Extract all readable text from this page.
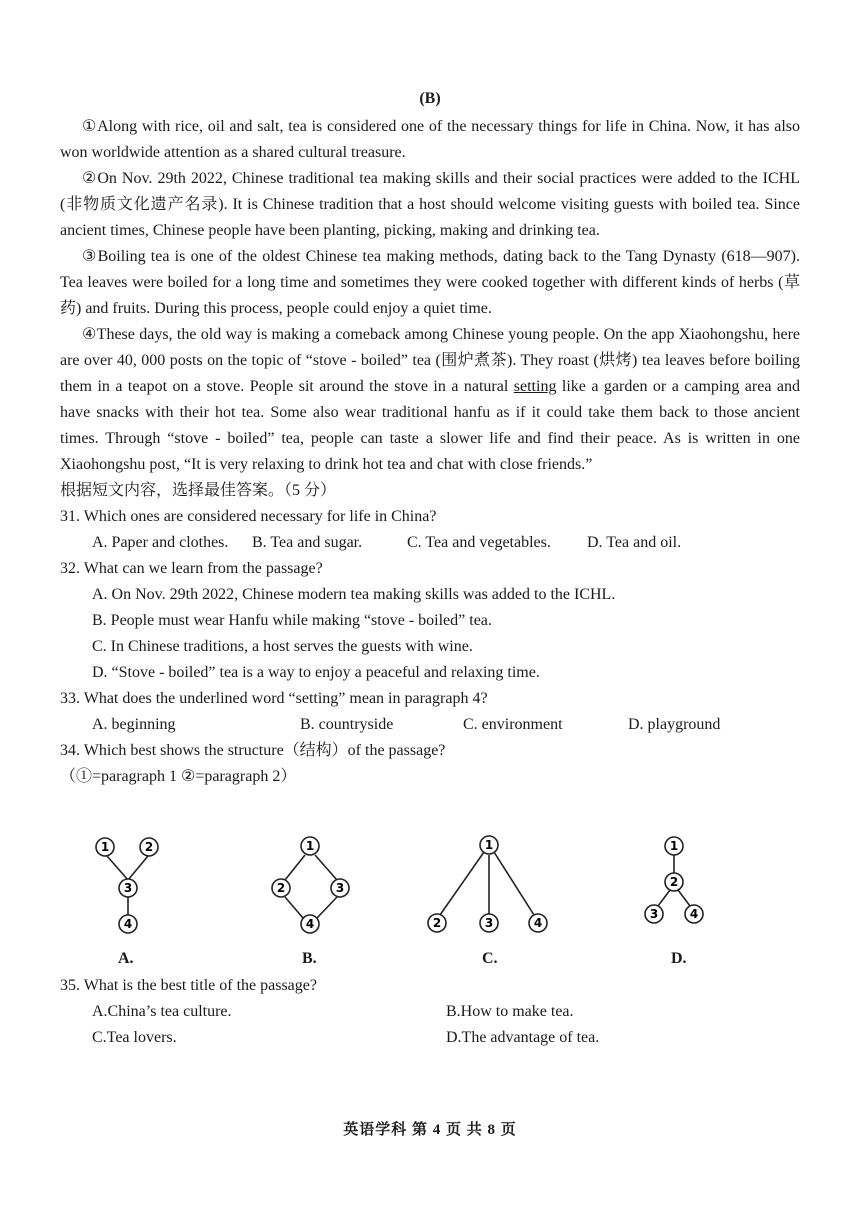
(B)

①Along with rice, oil and salt, tea is considered one of the necessary things for life in China. Now, it has also won worldwide attention as a shared cultural treasure.

②On Nov. 29th 2022, Chinese traditional tea making skills and their social practices were added to the ICHL (非物质文化遗产名录). It is Chinese tradition that a host should welcome visiting guests with boiled tea. Since ancient times, Chinese people have been planting, picking, making and drinking tea.

③Boiling tea is one of the oldest Chinese tea making methods, dating back to the Tang Dynasty (618—907). Tea leaves were boiled for a long time and sometimes they were cooked together with different kinds of herbs (草药) and fruits. During this process, people could enjoy a quiet time.

④These days, the old way is making a comeback among Chinese young people. On the app Xiaohongshu, here are over 40, 000 posts on the topic of “stove - boiled” tea (围炉煮茶). They roast (烘烤) tea leaves before boiling them in a teapot on a stove. People sit around the stove in a natural setting like a garden or a camping area and have snacks with their hot tea. Some also wear traditional hanfu as if it could take them back to those ancient times. Through “stove - boiled” tea, people can taste a slower life and find their peace. As is written in one Xiaohongshu post, “It is very relaxing to drink hot tea and chat with close friends.”

根据短文内容，选择最佳答案。（5 分）

31. Which ones are considered necessary for life in China?

A. Paper and clothes.	B. Tea and sugar.	C. Tea and vegetables.	D. Tea and oil.

32. What can we learn from the passage?

A. On Nov. 29th 2022, Chinese modern tea making skills was added to the ICHL.

B. People must wear Hanfu while making “stove - boiled” tea.

C. In Chinese traditions, a host serves the guests with wine.

D. “Stove - boiled” tea is a way to enjoy a peaceful and relaxing time.

33. What does the underlined word “setting” mean in paragraph 4?

A. beginning	B. countryside	C. environment	D. playground

34. Which best shows the structure（结构）of the passage?

（①=paragraph 1 ②=paragraph 2）

1	2
3
4
A.
1
2	3
4
B.
1
2	3	4
C.
1
2
3	4
D.

35. What is the best title of the passage?

A.China’s tea culture.	B.How to make tea.
C.Tea lovers.	D.The advantage of tea.
英语学科 第 4 页 共 8 页
